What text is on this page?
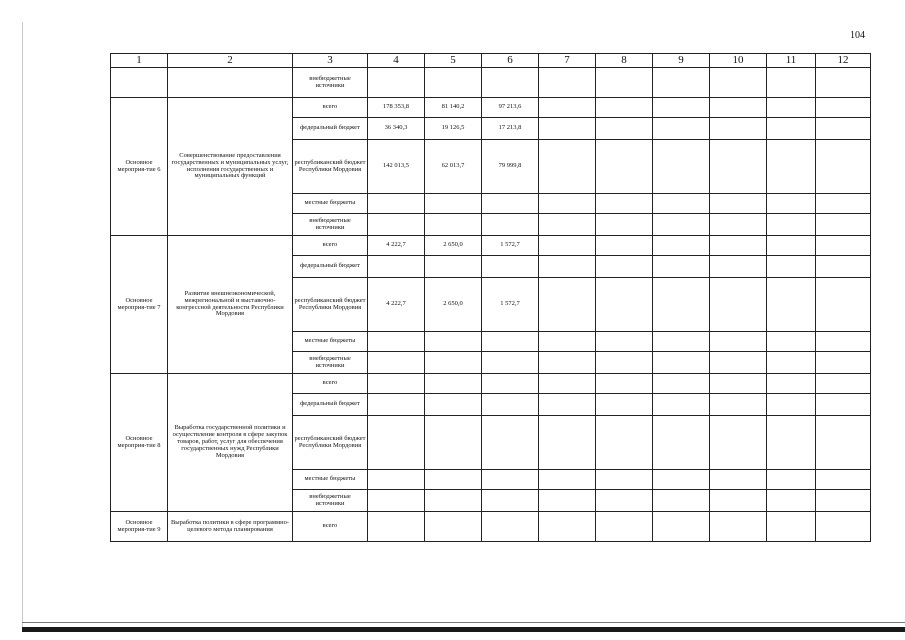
104
1	2	3	4	5	6	7	8	9	10	11	12
		внебюджетные источники									
Основное мероприя-тие 6	Совершенствование предоставления государственных и муниципальных услуг, исполнения государственных и муниципальных функций	всего	178 353,8	81 140,2	97 213,6						
		федеральный бюджет	36 340,3	19 126,5	17 213,8						
		республиканский бюджет Республики Мордовия	142 013,5	62 013,7	79 999,8						
		местные бюджеты									
		внебюджетные источники									
Основное мероприя-тие 7	Развитие внешнеэкономической, межрегиональной и выставочно-конгрессной деятельности Республики Мордовия	всего	4 222,7	2 650,0	1 572,7						
		федеральный бюджет									
		республиканский бюджет Республики Мордовия	4 222,7	2 650,0	1 572,7						
		местные бюджеты									
		внебюджетные источники									
Основное мероприя-тие 8	Выработка государственной политики и осуществление контроля в сфере закупок товаров, работ, услуг для обеспечения государственных нужд Республики Мордовия	всего									
		федеральный бюджет									
		республиканский бюджет Республики Мордовия									
		местные бюджеты									
		внебюджетные источники									
Основное мероприя-тие 9	Выработка политики в сфере программно-целевого метода планирования	всего									
